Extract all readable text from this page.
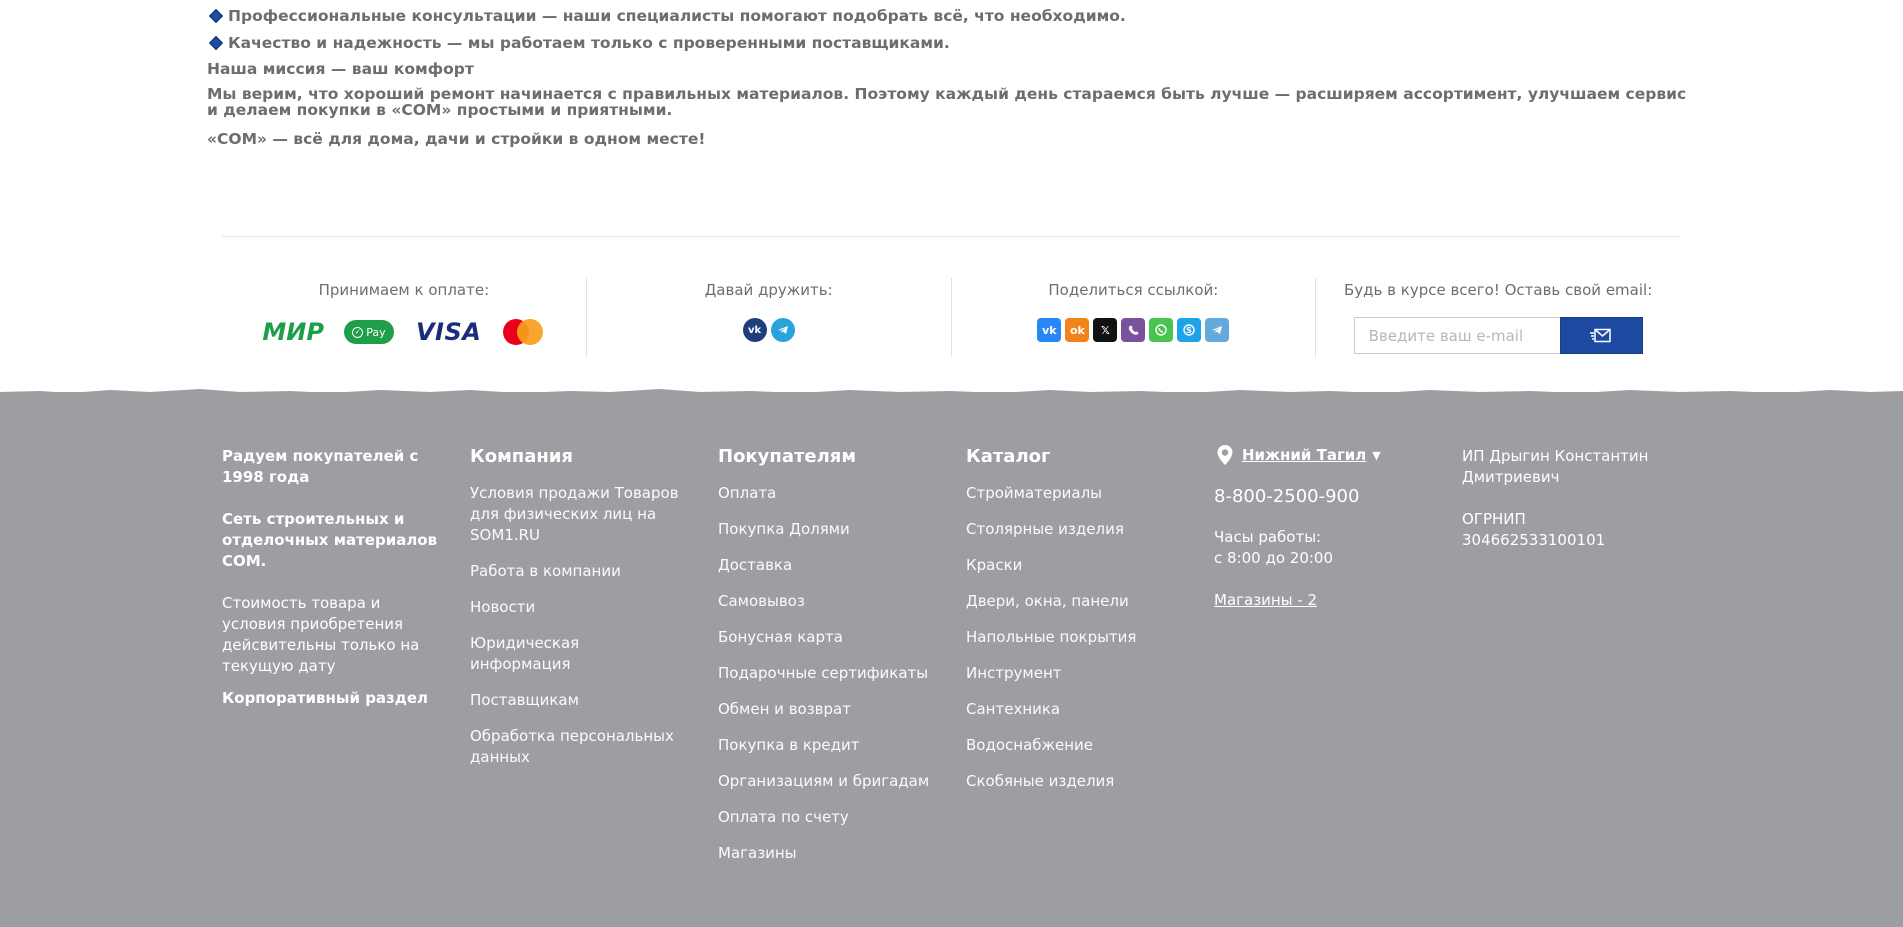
Профессиональные консультации — наши специалисты помогают подобрать всё, что необходимо.
Качество и надежность — мы работаем только с проверенными поставщиками.
Наша миссия — ваш комфорт
Мы верим, что хороший ремонт начинается с правильных материалов. Поэтому каждый день стараемся быть лучше — расширяем ассортимент, улучшаем сервис и делаем покупки в «СОМ» простыми и приятными.
«СОМ» — всё для дома, дачи и стройки в одном месте!
Принимаем к оплате:
МИР	✓ Pay VISA
Давай дружить:
vk
Поделиться ссылкой:
vk	ok	𝕏	S
Будь в курсе всего! Оставь свой email:
Введите ваш e-mail
Радуем покупателей с 1998 года
Сеть строительных и отделочных материалов СОМ.
Стоимость товара и условия приобретения дейсвительны только на текущую дату
Корпоративный раздел
Компания
Условия продажи Товаров для физических лиц на SOM1.RU
Работа в компании
Новости
Юридическая информация
Поставщикам
Обработка персональных данных
Покупателям
Оплата
Покупка Долями
Доставка
Самовывоз
Бонусная карта
Подарочные сертификаты
Обмен и возврат
Покупка в кредит
Организациям и бригадам
Оплата по счету
Магазины
Каталог
Стройматериалы
Столярные изделия
Краски
Двери, окна, панели
Напольные покрытия
Инструмент
Сантехника
Водоснабжение
Скобяные изделия
Нижний Тагил ▼
8-800-2500-900
Часы работы:
с 8:00 до 20:00
Магазины - 2
ИП Дрыгин Константин Дмитриевич
ОГРНИП 304662533100101
